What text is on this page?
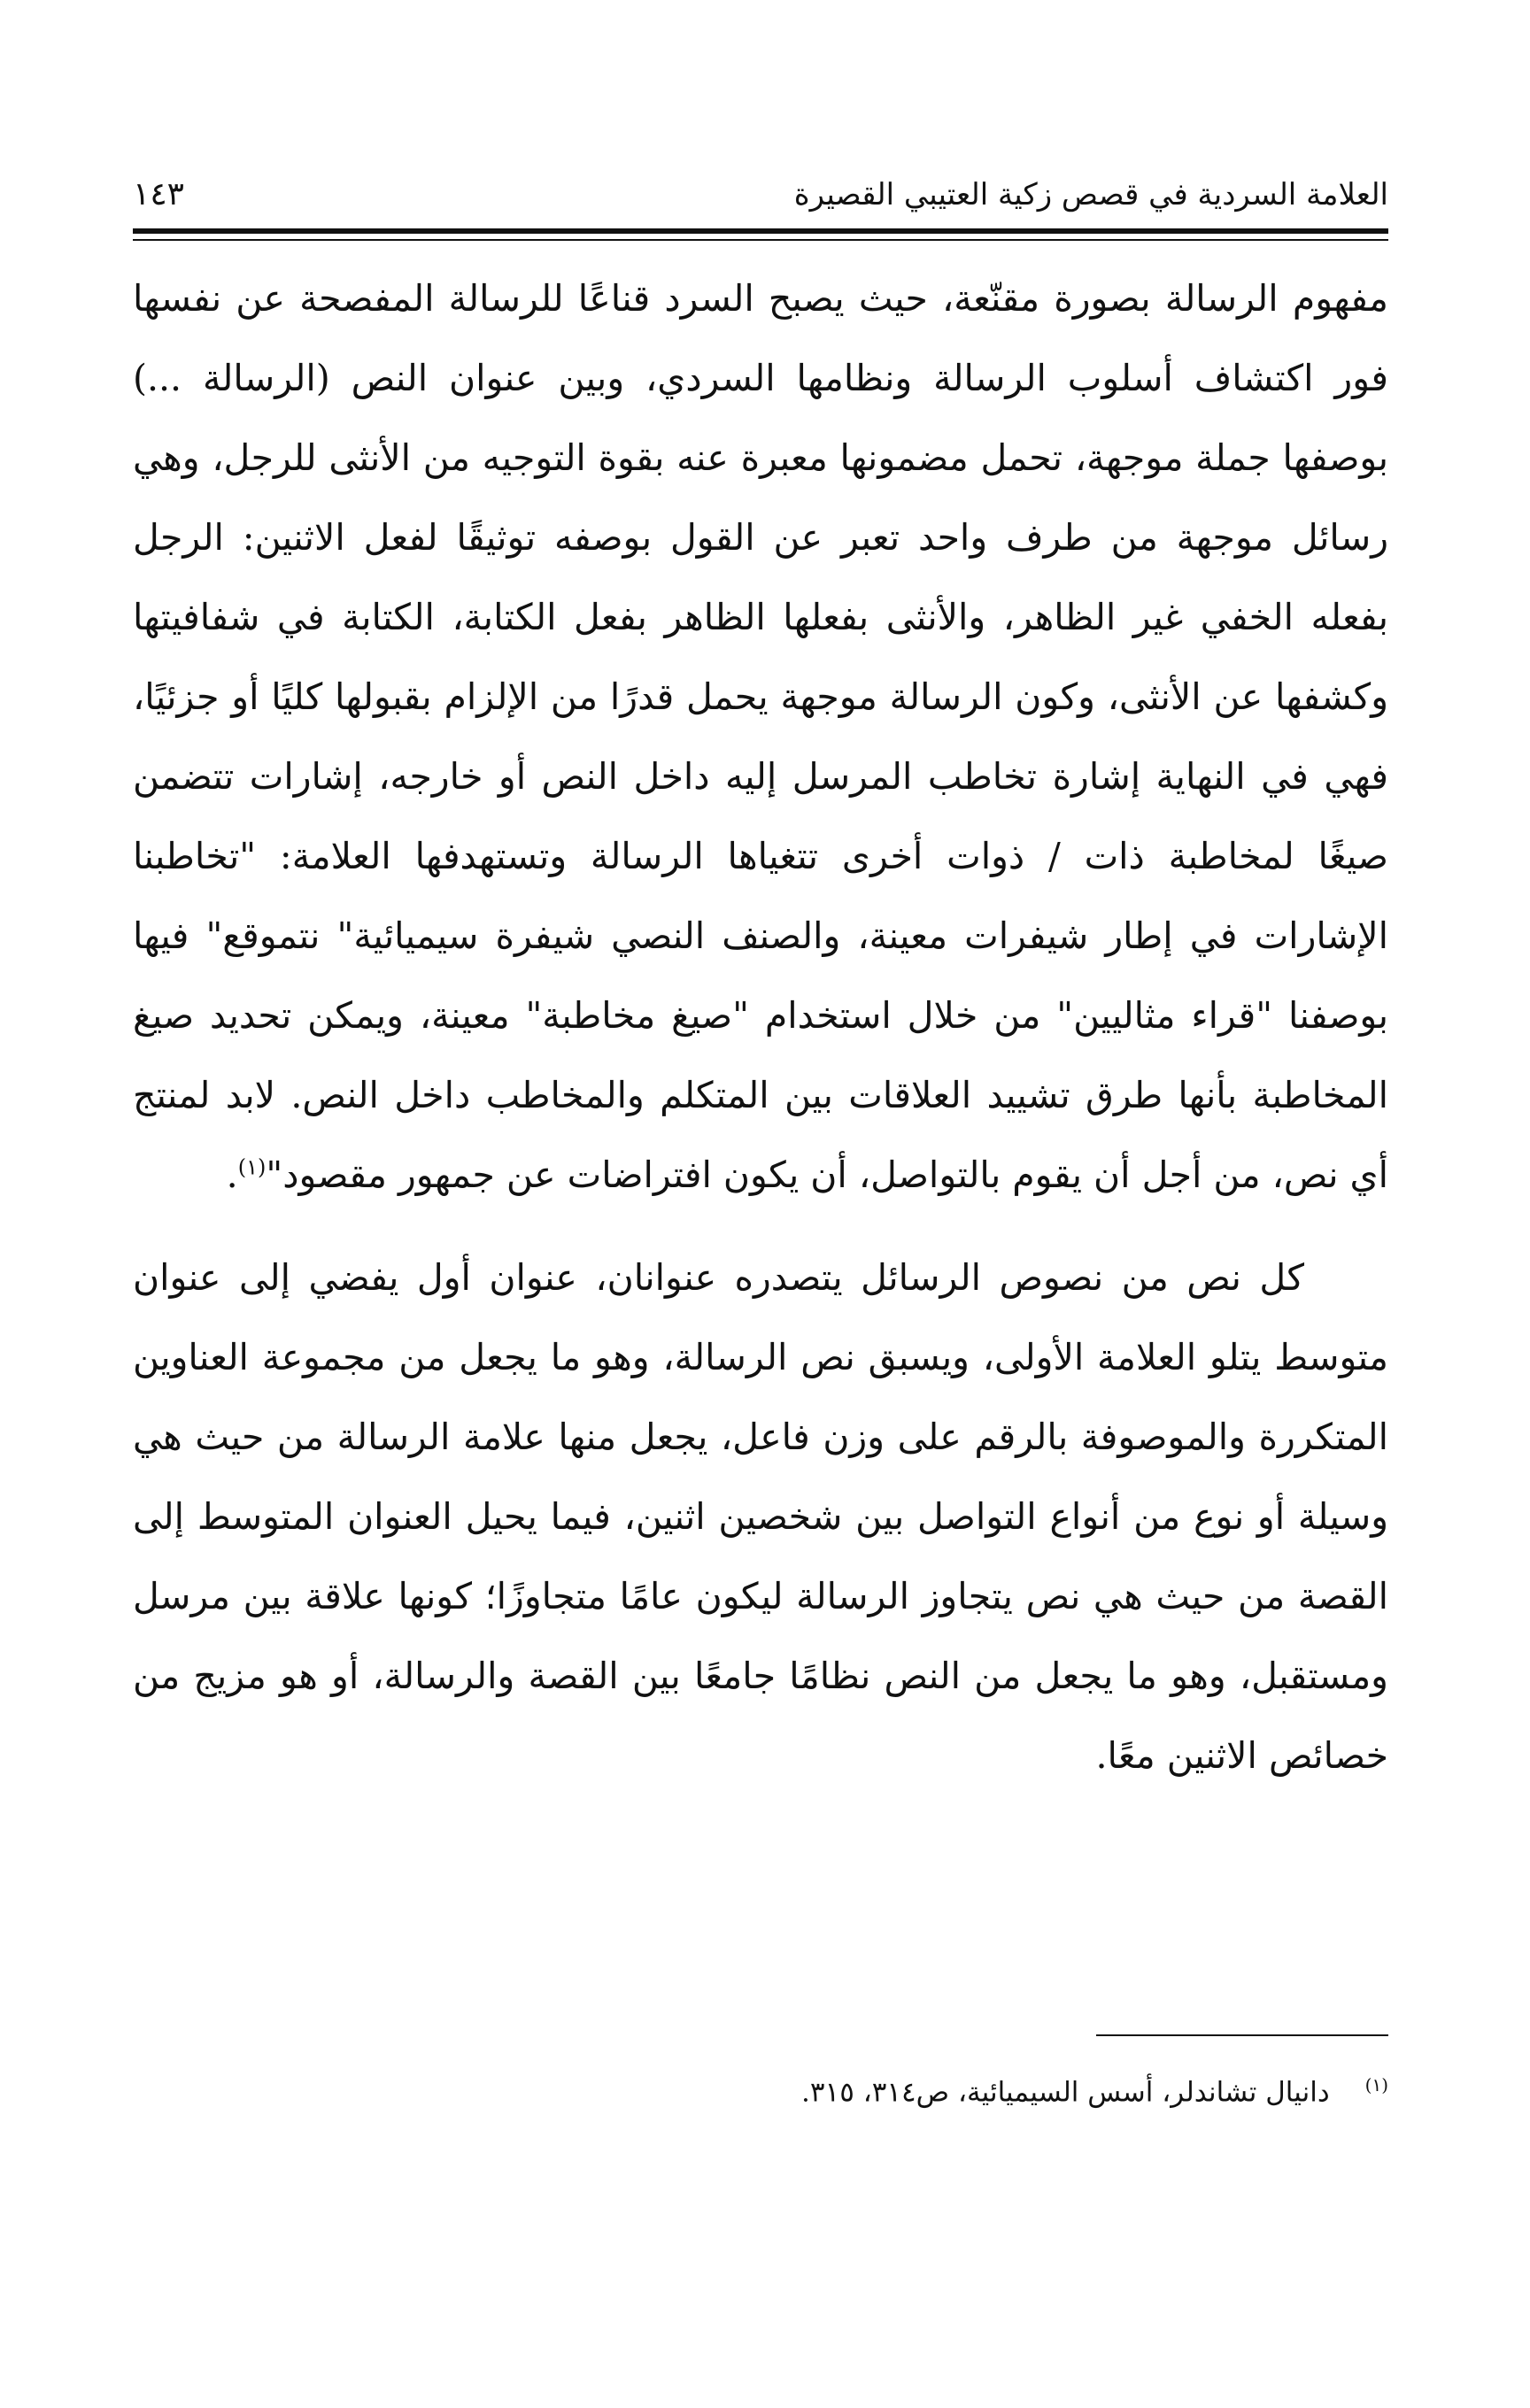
العلامة السردية في قصص زكية العتيبي القصيرة
١٤٣

مفهوم الرسالة بصورة مقنّعة، حيث يصبح السرد قناعًا للرسالة المفصحة عن نفسها فور اكتشاف أسلوب الرسالة ونظامها السردي، وبين عنوان النص (الرسالة ...) بوصفها جملة موجهة، تحمل مضمونها معبرة عنه بقوة التوجيه من الأنثى للرجل، وهي رسائل موجهة من طرف واحد تعبر عن القول بوصفه توثيقًا لفعل الاثنين: الرجل بفعله الخفي غير الظاهر، والأنثى بفعلها الظاهر بفعل الكتابة، الكتابة في شفافيتها وكشفها عن الأنثى، وكون الرسالة موجهة يحمل قدرًا من الإلزام بقبولها كليًا أو جزئيًا، فهي في النهاية إشارة تخاطب المرسل إليه داخل النص أو خارجه، إشارات تتضمن صيغًا لمخاطبة ذات / ذوات أخرى تتغياها الرسالة وتستهدفها العلامة: "تخاطبنا الإشارات في إطار شيفرات معينة، والصنف النصي شيفرة سيميائية" نتموقع" فيها بوصفنا "قراء مثاليين" من خلال استخدام "صيغ مخاطبة" معينة، ويمكن تحديد صيغ المخاطبة بأنها طرق تشييد العلاقات بين المتكلم والمخاطب داخل النص. لابد لمنتج أي نص، من أجل أن يقوم بالتواصل، أن يكون افتراضات عن جمهور مقصود"$^{(١)}$.

كل نص من نصوص الرسائل يتصدره عنوانان، عنوان أول يفضي إلى عنوان متوسط يتلو العلامة الأولى، ويسبق نص الرسالة، وهو ما يجعل من مجموعة العناوين المتكررة والموصوفة بالرقم على وزن فاعل، يجعل منها علامة الرسالة من حيث هي وسيلة أو نوع من أنواع التواصل بين شخصين اثنين، فيما يحيل العنوان المتوسط إلى القصة من حيث هي نص يتجاوز الرسالة ليكون عامًا متجاوزًا؛ كونها علاقة بين مرسل ومستقبل، وهو ما يجعل من النص نظامًا جامعًا بين القصة والرسالة، أو هو مزيج من خصائص الاثنين معًا.

$^{(١)}$دانيال تشاندلر، أسس السيميائية، ص٣١٤، ٣١٥.
